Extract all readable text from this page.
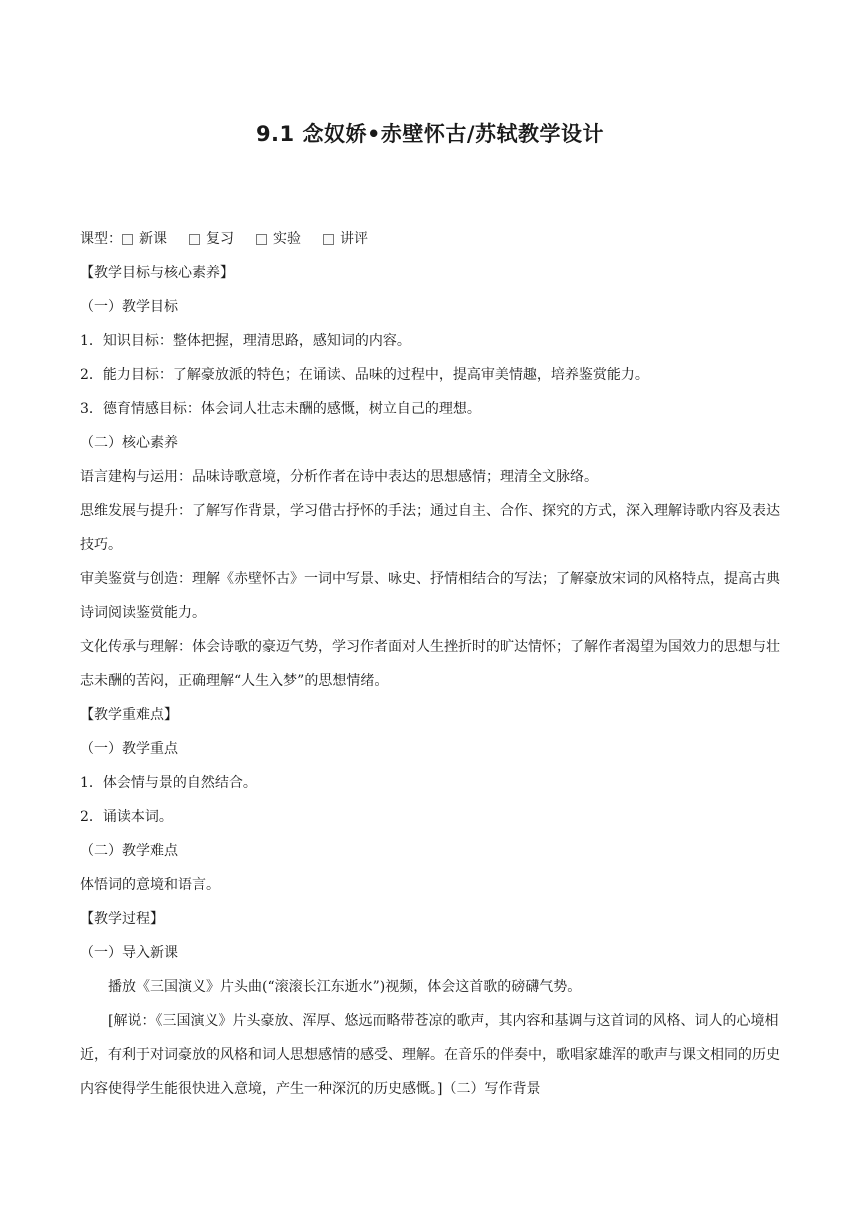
9.1 念奴娇•赤壁怀古/苏轼教学设计
课型： 新课	复习	实验	讲评
【教学目标与核心素养】
（一）教学目标
1．知识目标：整体把握，理清思路，感知词的内容。
2．能力目标：了解豪放派的特色；在诵读、品味的过程中，提高审美情趣，培养鉴赏能力。
3．德育情感目标：体会词人壮志未酬的感慨，树立自己的理想。
（二）核心素养
语言建构与运用：品味诗歌意境，分析作者在诗中表达的思想感情；理清全文脉络。
思维发展与提升：了解写作背景，学习借古抒怀的手法；通过自主、合作、探究的方式，深入理解诗歌内容及表达技巧。
审美鉴赏与创造：理解《赤壁怀古》一词中写景、咏史、抒情相结合的写法；了解豪放宋词的风格特点，提高古典诗词阅读鉴赏能力。
文化传承与理解：体会诗歌的豪迈气势，学习作者面对人生挫折时的旷达情怀；了解作者渴望为国效力的思想与壮志未酬的苦闷，正确理解“人生入梦”的思想情绪。
【教学重难点】
（一）教学重点
1．体会情与景的自然结合。
2．诵读本词。
（二）教学难点
体悟词的意境和语言。
【教学过程】
（一）导入新课
播放《三国演义》片头曲(“滚滚长江东逝水”)视频，体会这首歌的磅礴气势。
[解说：《三国演义》片头豪放、浑厚、悠远而略带苍凉的歌声，其内容和基调与这首词的风格、词人的心境相近，有利于对词豪放的风格和词人思想感情的感受、理解。在音乐的伴奏中，歌唱家雄浑的歌声与课文相同的历史内容使得学生能很快进入意境，产生一种深沉的历史感慨。]（二）写作背景
